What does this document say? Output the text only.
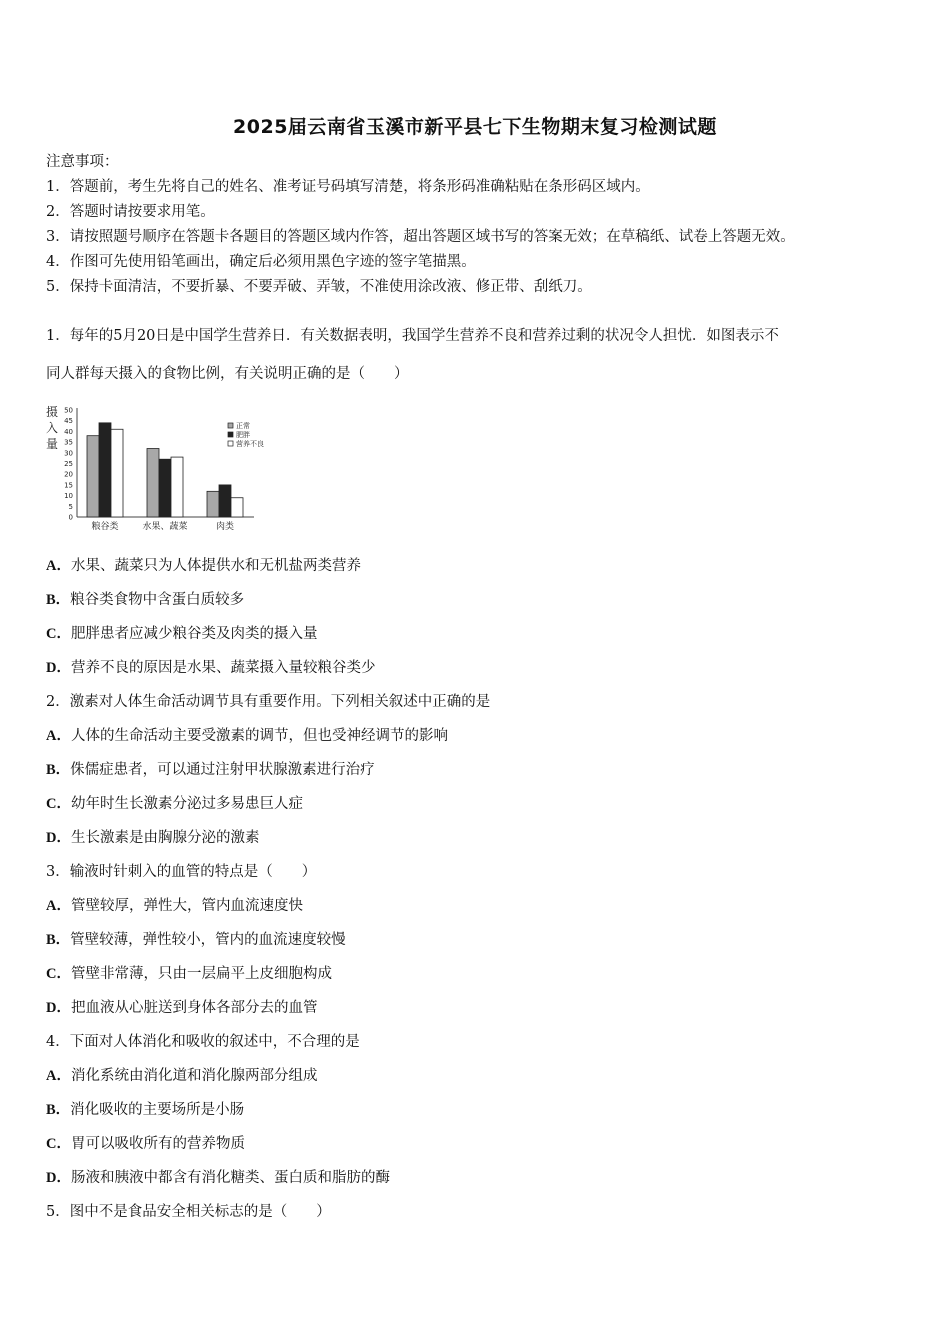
2025届云南省玉溪市新平县七下生物期末复习检测试题
注意事项：
1．答题前，考生先将自己的姓名、准考证号码填写清楚，将条形码准确粘贴在条形码区域内。
2．答题时请按要求用笔。
3．请按照题号顺序在答题卡各题目的答题区域内作答，超出答题区域书写的答案无效；在草稿纸、试卷上答题无效。
4．作图可先使用铅笔画出，确定后必须用黑色字迹的签字笔描黑。
5．保持卡面清洁，不要折暴、不要弄破、弄皱，不准使用涂改液、修正带、刮纸刀。
1．每年的5月20日是中国学生营养日．有关数据表明，我国学生营养不良和营养过剩的状况令人担忧．如图表示不
同人群每天摄入的食物比例，有关说明正确的是（　　）
摄
入
量
0
5
10
15
20
25
30
35
40
45
50
粮谷类	水果、蔬菜	肉类
正常
肥胖
营养不良
A．水果、蔬菜只为人体提供水和无机盐两类营养
B．粮谷类食物中含蛋白质较多
C．肥胖患者应减少粮谷类及肉类的摄入量
D．营养不良的原因是水果、蔬菜摄入量较粮谷类少
2．激素对人体生命活动调节具有重要作用。下列相关叙述中正确的是
A．人体的生命活动主要受激素的调节，但也受神经调节的影响
B．侏儒症患者，可以通过注射甲状腺激素进行治疗
C．幼年时生长激素分泌过多易患巨人症
D．生长激素是由胸腺分泌的激素
3．输液时针刺入的血管的特点是（　　）
A．管壁较厚，弹性大，管内血流速度快
B．管壁较薄，弹性较小，管内的血流速度较慢
C．管壁非常薄，只由一层扁平上皮细胞构成
D．把血液从心脏送到身体各部分去的血管
4．下面对人体消化和吸收的叙述中，不合理的是
A．消化系统由消化道和消化腺两部分组成
B．消化吸收的主要场所是小肠
C．胃可以吸收所有的营养物质
D．肠液和胰液中都含有消化糖类、蛋白质和脂肪的酶
5．图中不是食品安全相关标志的是（　　）
